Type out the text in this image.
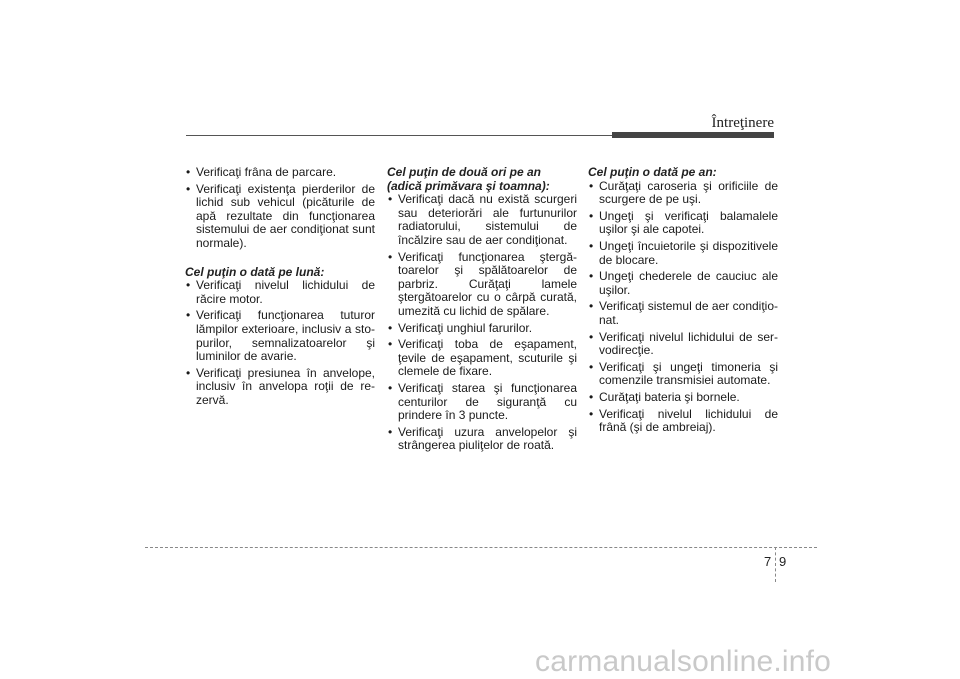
Întreţinere
• Verificaţi frâna de parcare.
• Verificaţi existenţa pierderilor de lichid sub vehicul (picăturile de apă rezultate din funcţionarea sistemului de aer condiţionat sunt normale).
Cel puţin o dată pe lună:
• Verificaţi nivelul lichidului de răcire motor.
• Verificaţi funcţionarea tuturor lămpilor exterioare, inclusiv a stopurilor, semnalizatoarelor şi luminilor de avarie.
• Verificaţi presiunea în anvelope, inclusiv în anvelopa roţii de rezervă.
Cel puţin de două ori pe an (adică primăvara şi toamna):
• Verificaţi dacă nu există scurgeri sau deteriorări ale furtunurilor radiatorului, sistemului de încălzire sau de aer condiţionat.
• Verificaţi funcţionarea ştergătoarelor şi spălătoarelor de parbriz. Curăţaţi lamele ştergătoarelor cu o cârpă curată, umezită cu lichid de spălare.
• Verificaţi unghiul farurilor.
• Verificaţi toba de eşapament, ţevile de eşapament, scuturile şi clemele de fixare.
• Verificaţi starea şi funcţionarea centurilor de siguranţă cu prindere în 3 puncte.
• Verificaţi uzura anvelopelor şi strângerea piuliţelor de roată.
Cel puţin o dată pe an:
• Curăţaţi caroseria şi orificiile de scurgere de pe uşi.
• Ungeţi şi verificaţi balamalele uşilor şi ale capotei.
• Ungeţi încuietorile şi dispozitivele de blocare.
• Ungeţi chederele de cauciuc ale uşilor.
• Verificaţi sistemul de aer condiţionat.
• Verificaţi nivelul lichidului de servodirecţie.
• Verificaţi şi ungeţi timoneria şi comenzile transmisiei automate.
• Curăţaţi bateria şi bornele.
• Verificaţi nivelul lichidului de frână (şi de ambreiaj).
7 9
carmanualsonline.info
